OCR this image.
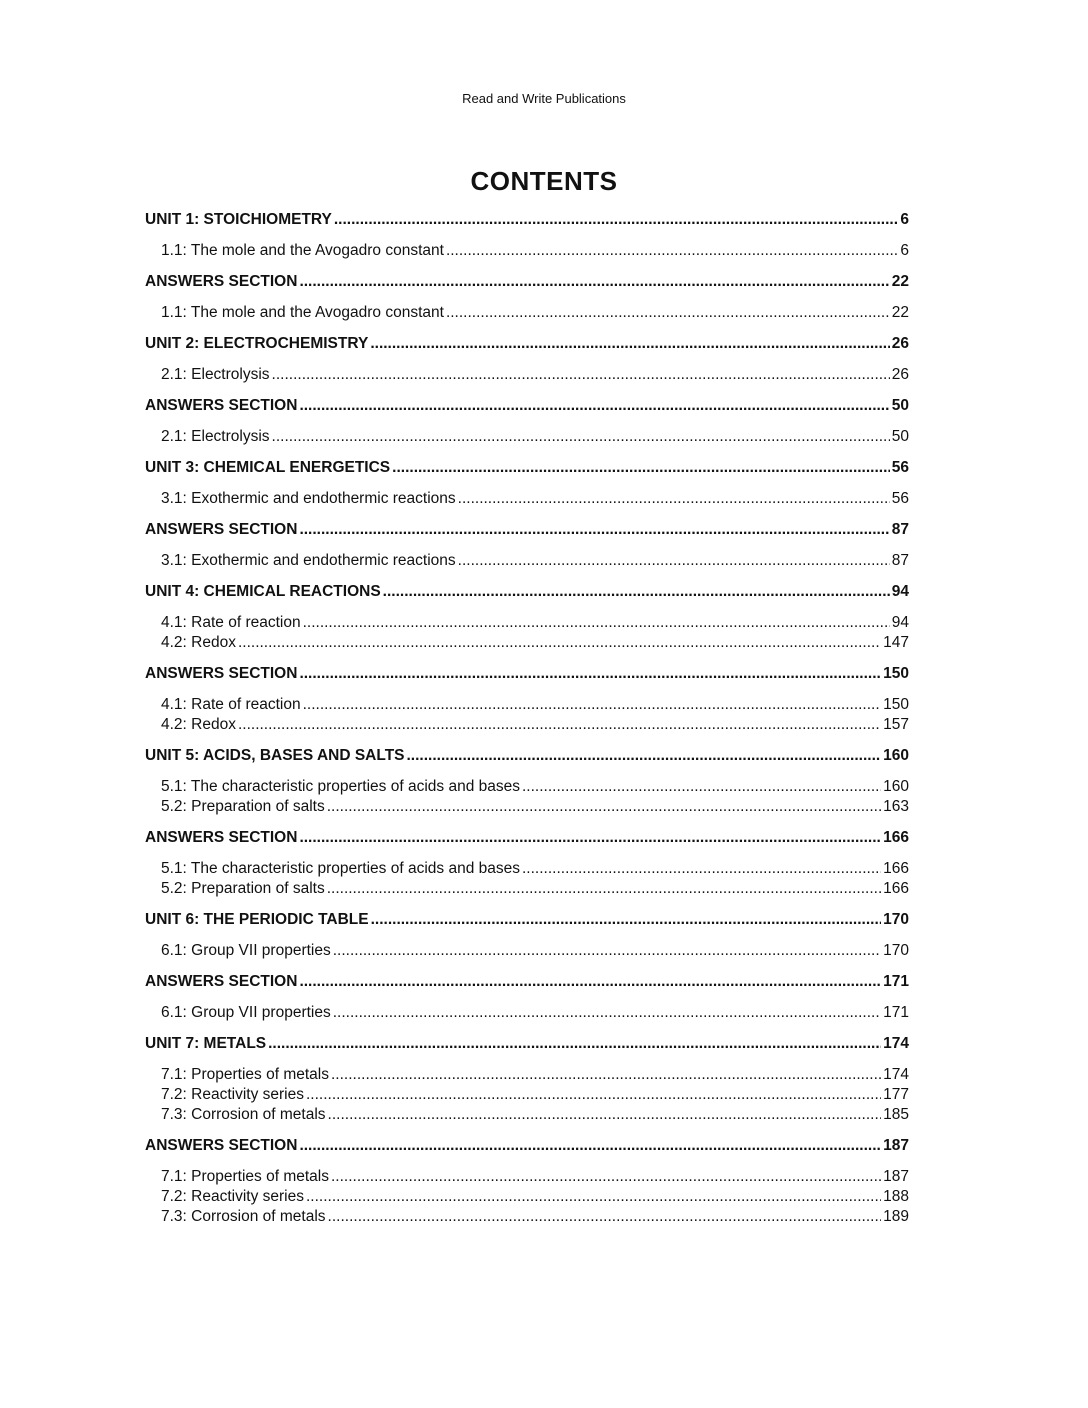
Read and Write Publications
CONTENTS
UNIT 1: STOICHIOMETRY .....	6
1.1: The mole and the Avogadro constant .....	6
ANSWERS SECTION .....	22
1.1: The mole and the Avogadro constant .....	22
UNIT 2: ELECTROCHEMISTRY .....	26
2.1: Electrolysis .....	26
ANSWERS SECTION .....	50
2.1: Electrolysis .....	50
UNIT 3: CHEMICAL ENERGETICS .....	56
3.1: Exothermic and endothermic reactions .....	56
ANSWERS SECTION .....	87
3.1: Exothermic and endothermic reactions .....	87
UNIT 4: CHEMICAL REACTIONS .....	94
4.1: Rate of reaction .....	94
4.2: Redox .....	147
ANSWERS SECTION .....	150
4.1: Rate of reaction .....	150
4.2: Redox .....	157
UNIT 5: ACIDS, BASES AND SALTS .....	160
5.1: The characteristic properties of acids and bases .....	160
5.2: Preparation of salts .....	163
ANSWERS SECTION .....	166
5.1: The characteristic properties of acids and bases .....	166
5.2: Preparation of salts .....	166
UNIT 6: THE PERIODIC TABLE .....	170
6.1: Group VII properties .....	170
ANSWERS SECTION .....	171
6.1: Group VII properties .....	171
UNIT 7: METALS .....	174
7.1: Properties of metals .....	174
7.2: Reactivity series .....	177
7.3: Corrosion of metals .....	185
ANSWERS SECTION .....	187
7.1: Properties of metals .....	187
7.2: Reactivity series .....	188
7.3: Corrosion of metals .....	189
